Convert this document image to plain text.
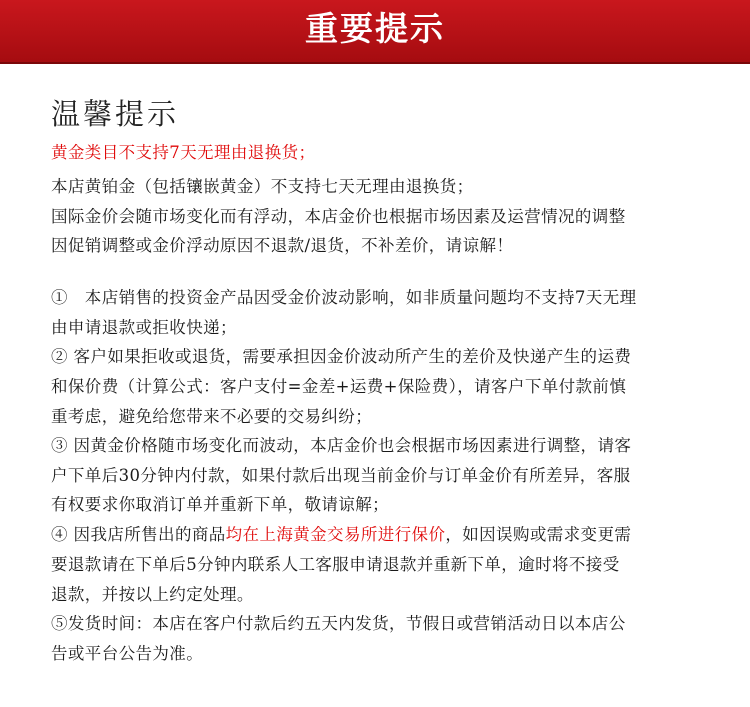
重要提示
温馨提示

黄金类目不支持7天无理由退换货；

本店黄铂金（包括镶嵌黄金）不支持七天无理由退换货；

国际金价会随市场变化而有浮动，本店金价也根据市场因素及运营情况的调整

因促销调整或金价浮动原因不退款/退货，不补差价，请谅解！

①　本店销售的投资金产品因受金价波动影响，如非质量问题均不支持7天无理

由申请退款或拒收快递；

② 客户如果拒收或退货，需要承担因金价波动所产生的差价及快递产生的运费

和保价费（计算公式：客户支付=金差+运费+保险费），请客户下单付款前慎

重考虑，避免给您带来不必要的交易纠纷；

③ 因黄金价格随市场变化而波动，本店金价也会根据市场因素进行调整，请客

户下单后30分钟内付款，如果付款后出现当前金价与订单金价有所差异，客服

有权要求你取消订单并重新下单，敬请谅解；

④ 因我店所售出的商品均在上海黄金交易所进行保价，如因误购或需求变更需

要退款请在下单后5分钟内联系人工客服申请退款并重新下单，逾时将不接受

退款，并按以上约定处理。

⑤发货时间：本店在客户付款后约五天内发货，节假日或营销活动日以本店公

告或平台公告为准。
